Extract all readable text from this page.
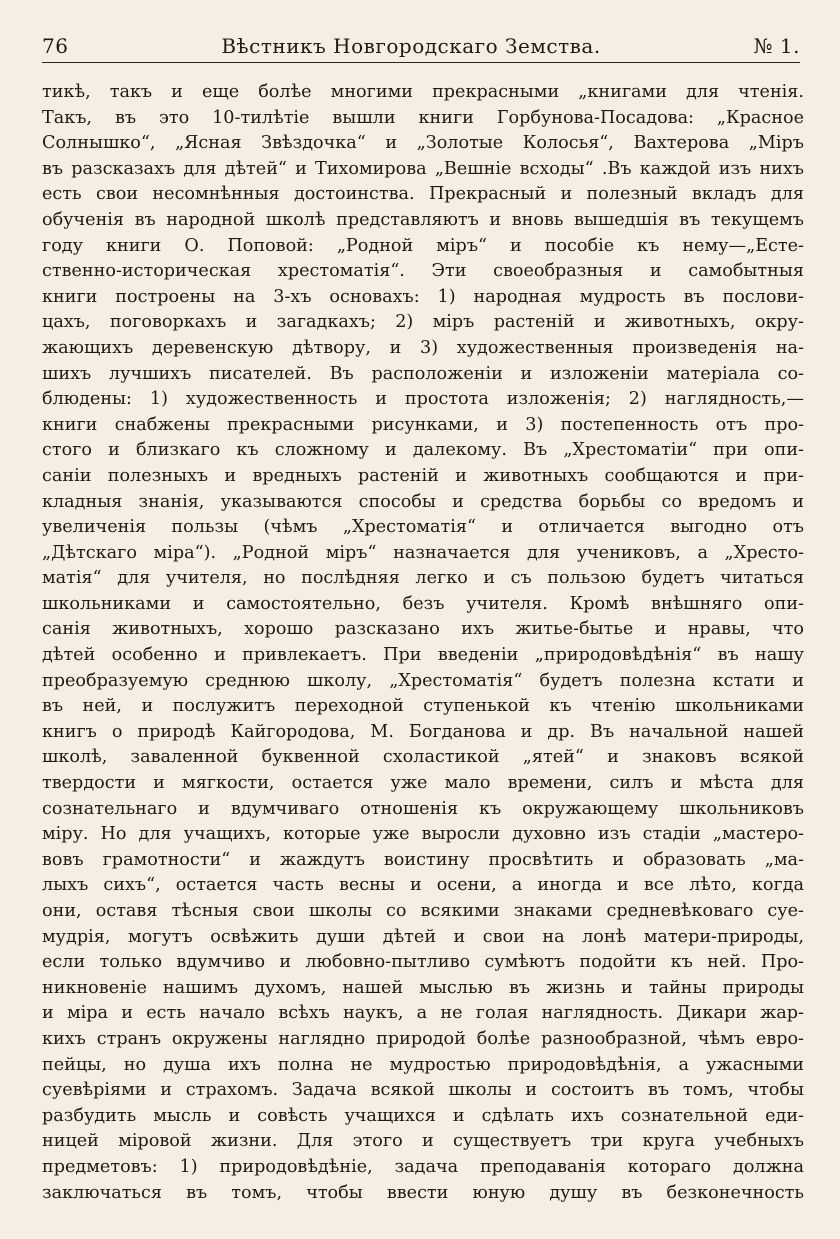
76	Вѣстникъ Новгородскаго Земства.	№ 1.
тикѣ, такъ и еще болѣе многими прекрасными „книгами для чтенія.
Такъ, въ это 10-тилѣтіе вышли книги Горбунова-Посадова: „Красное
Солнышко“, „Ясная Звѣздочка“ и „Золотые Колосья“, Вахтерова „Міръ
въ разсказахъ для дѣтей“ и Тихомирова „Вешніе всходы“ .Въ каждой изъ нихъ
есть свои несомнѣнныя достоинства. Прекрасный и полезный вкладъ для
обученія въ народной школѣ представляютъ и вновь вышедшія въ текущемъ
году книги О. Поповой: „Родной міръ“ и пособіе къ нему—„Есте-
ственно-историческая хрестоматія“. Эти своеобразныя и самобытныя
книги построены на 3-хъ основахъ: 1) народная мудрость въ послови-
цахъ, поговоркахъ и загадкахъ; 2) міръ растеній и животныхъ, окру-
жающихъ деревенскую дѣтвору, и 3) художественныя произведенія на-
шихъ лучшихъ писателей. Въ расположеніи и изложеніи матеріала со-
блюдены: 1) художественность и простота изложенія; 2) наглядность,—
книги снабжены прекрасными рисунками, и 3) постепенность отъ про-
стого и близкаго къ сложному и далекому. Въ „Хрестоматіи“ при опи-
саніи полезныхъ и вредныхъ растеній и животныхъ сообщаются и при-
кладныя знанія, указываются способы и средства борьбы со вредомъ и
увеличенія пользы (чѣмъ „Хрестоматія“ и отличается выгодно отъ
„Дѣтскаго міра“). „Родной міръ“ назначается для учениковъ, а „Хресто-
матія“ для учителя, но послѣдняя легко и съ пользою будетъ читаться
школьниками и самостоятельно, безъ учителя. Кромѣ внѣшняго опи-
санія животныхъ, хорошо разсказано ихъ житье-бытье и нравы, что
дѣтей особенно и привлекаетъ. При введеніи „природовѣдѣнія“ въ нашу
преобразуемую среднюю школу, „Хрестоматія“ будетъ полезна кстати и
въ ней, и послужитъ переходной ступенькой къ чтенію школьниками
книгъ о природѣ Кайгородова, М. Богданова и др. Въ начальной нашей
школѣ, заваленной буквенной схоластикой „ятей“ и знаковъ всякой
твердости и мягкости, остается уже мало времени, силъ и мѣста для
сознательнаго и вдумчиваго отношенія къ окружающему школьниковъ
міру. Но для учащихъ, которые уже выросли духовно изъ стадіи „мастеро-
вовъ грамотности“ и жаждутъ воистину просвѣтить и образовать „ма-
лыхъ сихъ“, остается часть весны и осени, а иногда и все лѣто, когда
они, оставя тѣсныя свои школы со всякими знаками средневѣковаго суе-
мудрія, могутъ освѣжить души дѣтей и свои на лонѣ матери-природы,
если только вдумчиво и любовно-пытливо сумѣютъ подойти къ ней. Про-
никновеніе нашимъ духомъ, нашей мыслью въ жизнь и тайны природы
и міра и есть начало всѣхъ наукъ, а не голая наглядность. Дикари жар-
кихъ странъ окружены наглядно природой болѣе разнообразной, чѣмъ евро-
пейцы, но душа ихъ полна не мудростью природовѣдѣнія, а ужасными
суевѣріями и страхомъ. Задача всякой школы и состоитъ въ томъ, чтобы
разбудить мысль и совѣсть учащихся и сдѣлать ихъ сознательной еди-
ницей міровой жизни. Для этого и существуетъ три круга учебныхъ
предметовъ: 1) природовѣдѣніе, задача преподаванія котораго должна
заключаться въ томъ, чтобы ввести юную душу въ безконечность
